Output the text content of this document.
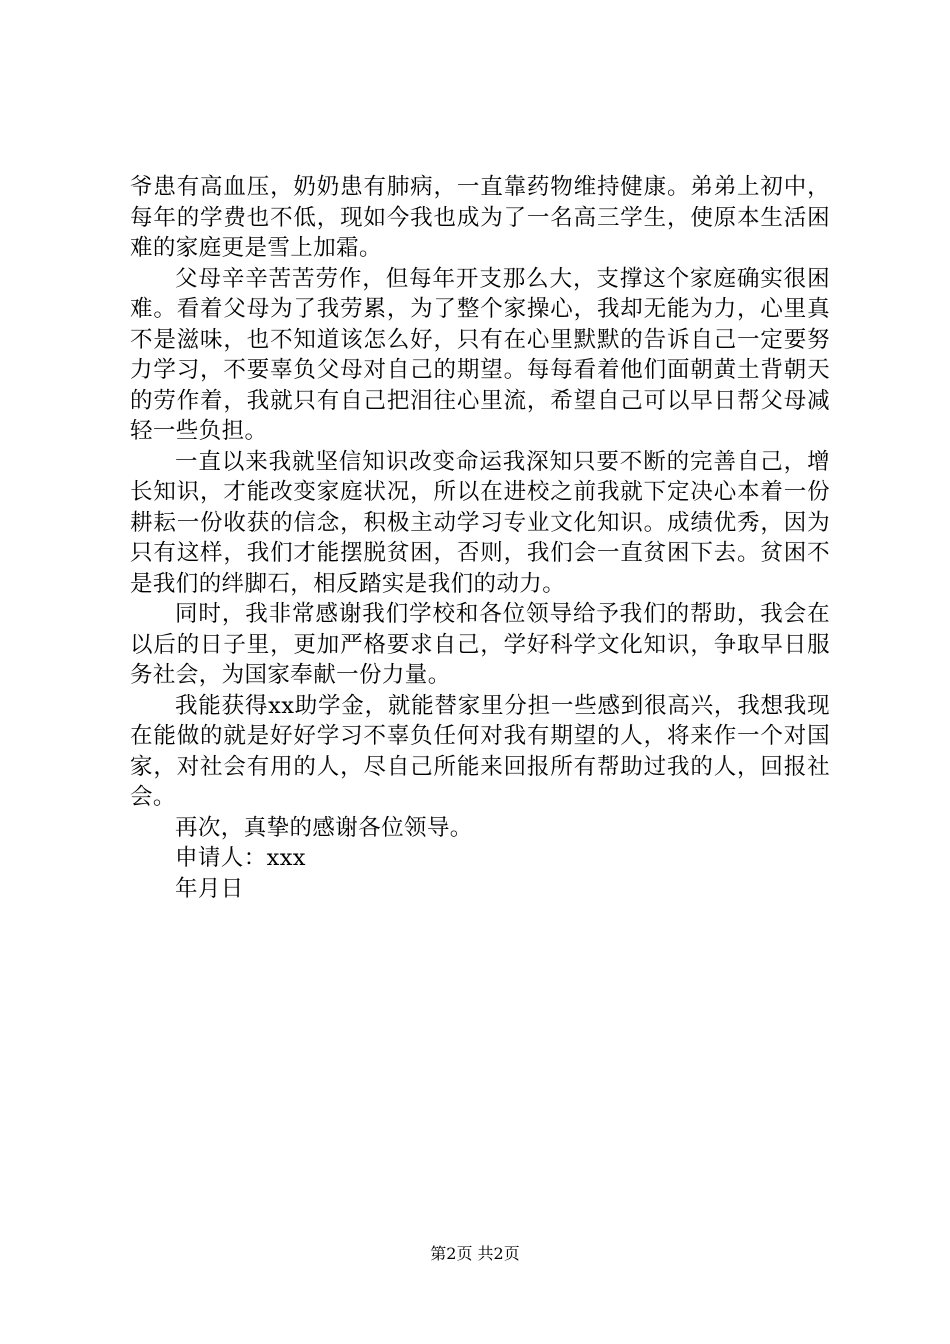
爷患有高血压，奶奶患有肺病，一直靠药物维持健康。弟弟上初中，每年的学费也不低，现如今我也成为了一名高三学生，使原本生活困难的家庭更是雪上加霜。

父母辛辛苦苦劳作，但每年开支那么大，支撑这个家庭确实很困难。看着父母为了我劳累，为了整个家操心，我却无能为力，心里真不是滋味，也不知道该怎么好，只有在心里默默的告诉自己一定要努力学习，不要辜负父母对自己的期望。每每看着他们面朝黄土背朝天的劳作着，我就只有自己把泪往心里流，希望自己可以早日帮父母减轻一些负担。

一直以来我就坚信知识改变命运我深知只要不断的完善自己，增长知识，才能改变家庭状况，所以在进校之前我就下定决心本着一份耕耘一份收获的信念，积极主动学习专业文化知识。成绩优秀，因为只有这样，我们才能摆脱贫困，否则，我们会一直贫困下去。贫困不是我们的绊脚石，相反踏实是我们的动力。

同时，我非常感谢我们学校和各位领导给予我们的帮助，我会在以后的日子里，更加严格要求自己，学好科学文化知识，争取早日服务社会，为国家奉献一份力量。

我能获得xx助学金，就能替家里分担一些感到很高兴，我想我现在能做的就是好好学习不辜负任何对我有期望的人，将来作一个对国家，对社会有用的人，尽自己所能来回报所有帮助过我的人，回报社会。

再次，真挚的感谢各位领导。

申请人：xxx

年月日

第2页 共2页
